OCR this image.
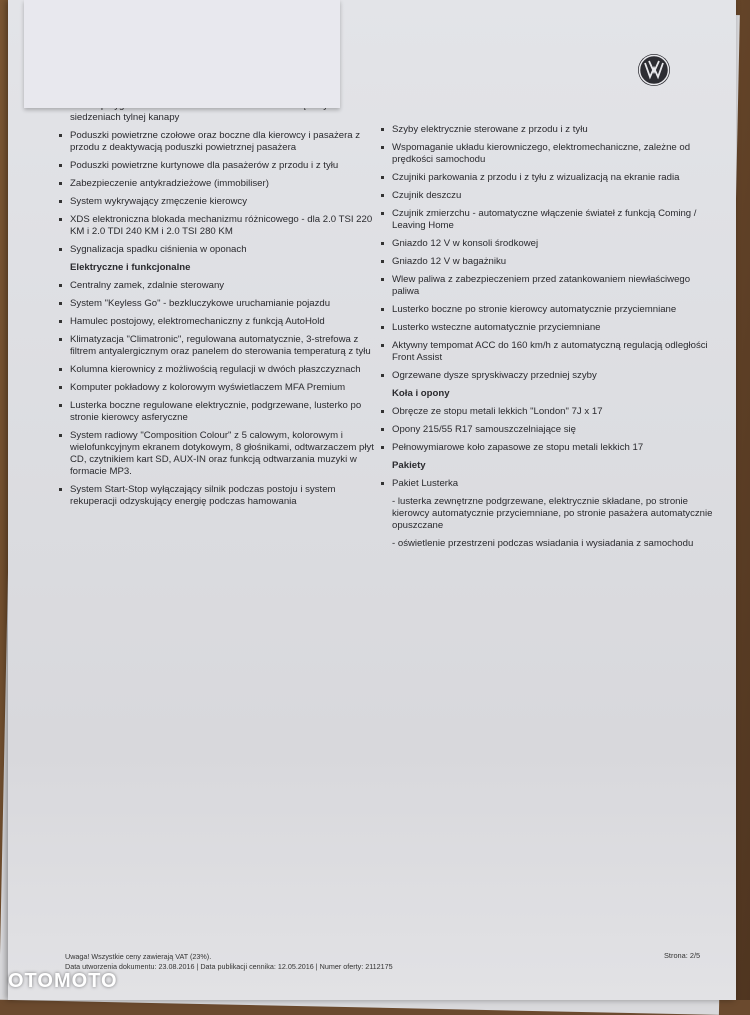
siedzeniach tylnej kanapy
Poduszki powietrzne czołowe oraz boczne dla kierowcy i pasażera z przodu z deaktywacją poduszki powietrznej pasażera
Poduszki powietrzne kurtynowe dla pasażerów z przodu i z tyłu
Zabezpieczenie antykradzieżowe (immobiliser)
System wykrywający zmęczenie kierowcy
XDS elektroniczna blokada mechanizmu różnicowego - dla 2.0 TSI 220 KM i 2.0 TDI 240 KM i 2.0 TSI 280 KM
Sygnalizacja spadku ciśnienia w oponach
Elektryczne i funkcjonalne
Centralny zamek, zdalnie sterowany
System "Keyless Go" - bezkluczykowe uruchamianie pojazdu
Hamulec postojowy, elektromechaniczny z funkcją AutoHold
Klimatyzacja "Climatronic", regulowana automatycznie, 3-strefowa z filtrem antyalergicznym oraz panelem do sterowania temperaturą z tyłu
Kolumna kierownicy z możliwością regulacji w dwóch płaszczyznach
Komputer pokładowy z kolorowym wyświetlaczem MFA Premium
Lusterka boczne regulowane elektrycznie, podgrzewane, lusterko po stronie kierowcy asferyczne
System radiowy "Composition Colour" z 5 calowym, kolorowym i wielofunkcyjnym ekranem dotykowym, 8 głośnikami, odtwarzaczem płyt CD, czytnikiem kart SD, AUX-IN oraz funkcją odtwarzania muzyki w formacie MP3.
System Start-Stop wyłączający silnik podczas postoju i system rekuperacji odzyskujący energię podczas hamowania
Szyby elektrycznie sterowane z przodu i z tyłu
Wspomaganie układu kierowniczego, elektromechaniczne, zależne od prędkości samochodu
Czujniki parkowania z przodu i z tyłu z wizualizacją na ekranie radia
Czujnik deszczu
Czujnik zmierzchu - automatyczne włączenie świateł z funkcją Coming / Leaving Home
Gniazdo 12 V w konsoli środkowej
Gniazdo 12 V w bagażniku
Wlew paliwa z zabezpieczeniem przed zatankowaniem niewłaściwego paliwa
Lusterko boczne po stronie kierowcy automatycznie przyciemniane
Lusterko wsteczne automatycznie przyciemniane
Aktywny tempomat ACC do 160 km/h z automatyczną regulacją odległości Front Assist
Ogrzewane dysze spryskiwaczy przedniej szyby
Koła i opony
Obręcze ze stopu metali lekkich "London" 7J x 17
Opony 215/55 R17 samouszczelniające się
Pełnowymiarowe koło zapasowe ze stopu metali lekkich 17
Pakiety
Pakiet Lusterka
- lusterka zewnętrzne podgrzewane, elektrycznie składane, po stronie kierowcy automatycznie przyciemniane, po stronie pasażera automatycznie opuszczane
- oświetlenie przestrzeni podczas wsiadania i wysiadania z samochodu
Uwaga! Wszystkie ceny zawierają VAT (23%).
Data utworzenia dokumentu: 23.08.2016 | Data publikacji cennika: 12.05.2016 | Numer oferty: 2112175
Strona: 2/5
OTOMOTO
